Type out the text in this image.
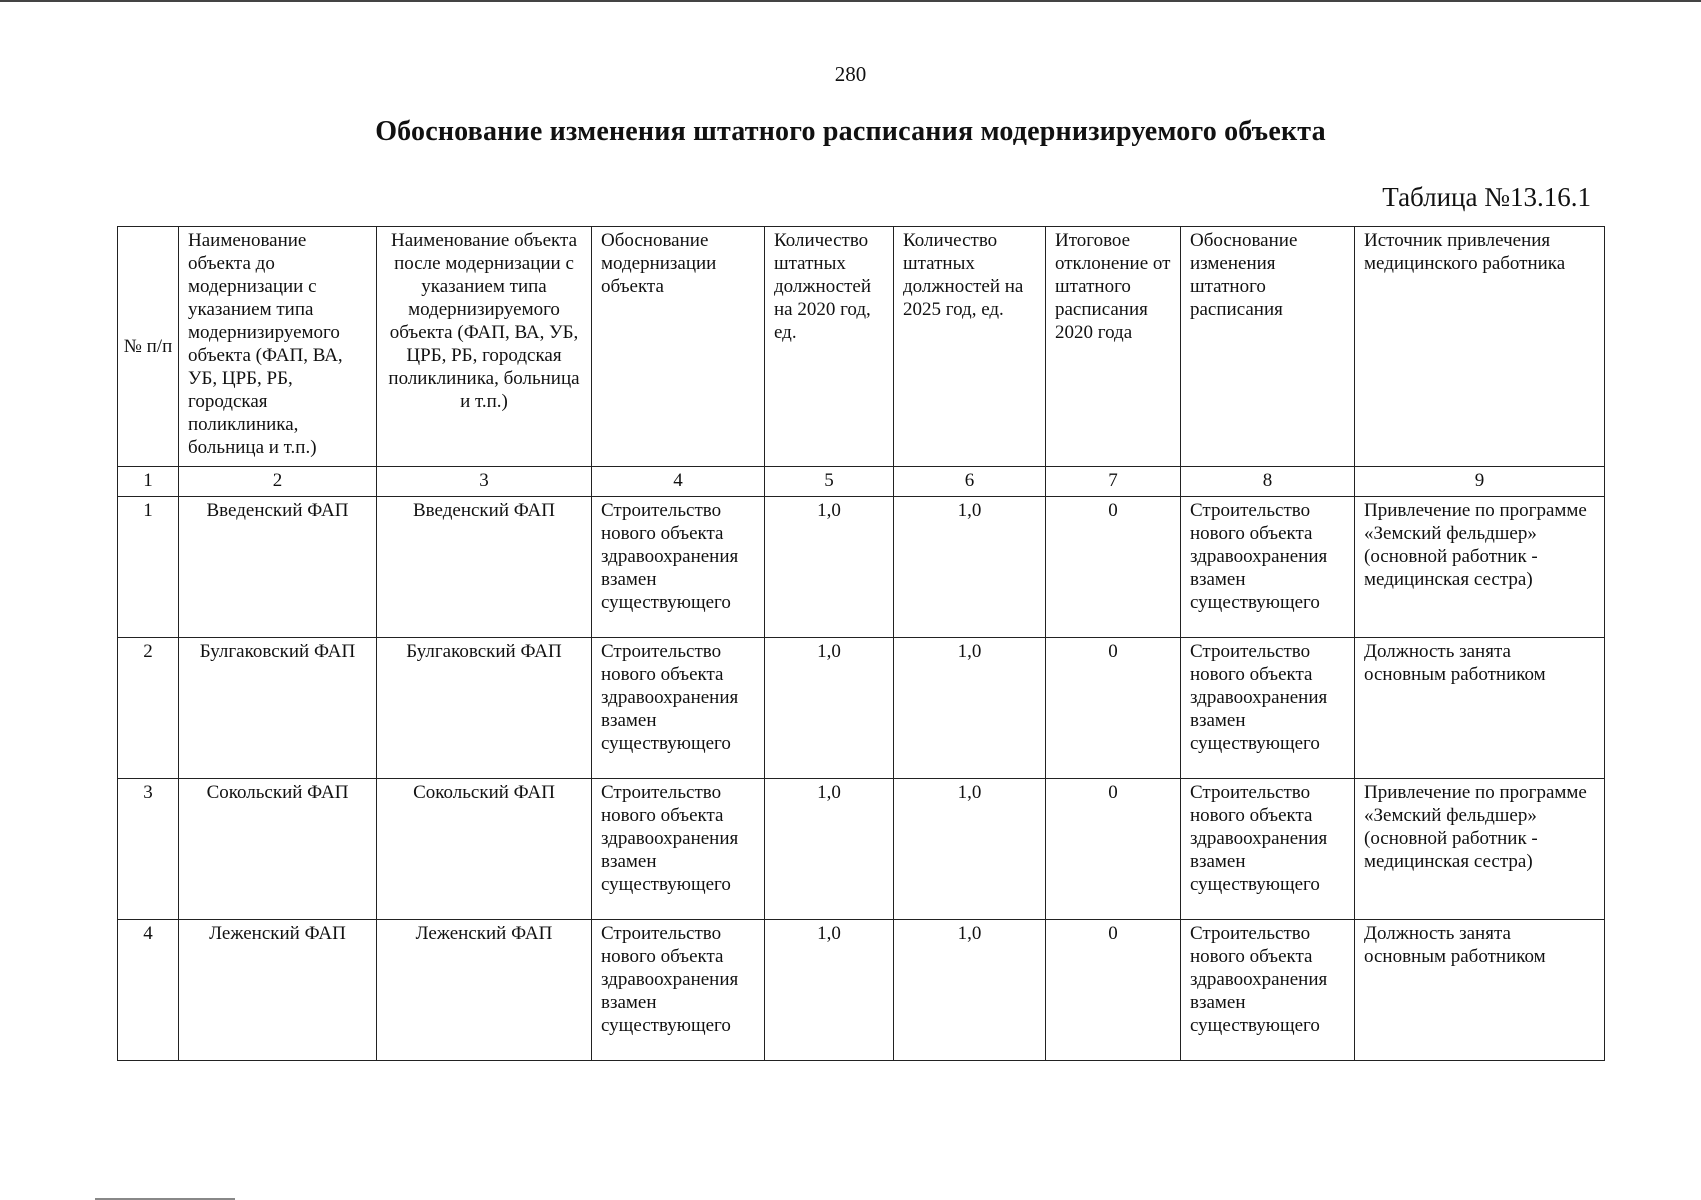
280
Обоснование изменения штатного расписания модернизируемого объекта
Таблица №13.16.1
№ п/п	Наименование объекта до модернизации с указанием типа модернизируемого объекта (ФАП, ВА, УБ, ЦРБ, РБ, городская поликлиника, больница и т.п.)	Наименование объекта после модернизации с указанием типа модернизируемого объекта (ФАП, ВА, УБ, ЦРБ, РБ, городская поликлиника, больница и т.п.)	Обоснование модернизации объекта	Количество штатных должностей на 2020 год, ед.	Количество штатных должностей на 2025 год, ед.	Итоговое отклонение от штатного расписания 2020 года	Обоснование изменения штатного расписания	Источник привлечения медицинского работника
1	2	3	4	5	6	7	8	9
1	Введенский ФАП	Введенский ФАП	Строительство нового объекта здравоохранения взамен существующего	1,0	1,0	0	Строительство нового объекта здравоохранения взамен существующего	Привлечение по программе «Земский фельдшер» (основной работник - медицинская сестра)
2	Булгаковский ФАП	Булгаковский ФАП	Строительство нового объекта здравоохранения взамен существующего	1,0	1,0	0	Строительство нового объекта здравоохранения взамен существующего	Должность занята основным работником
3	Сокольский ФАП	Сокольский ФАП	Строительство нового объекта здравоохранения взамен существующего	1,0	1,0	0	Строительство нового объекта здравоохранения взамен существующего	Привлечение по программе «Земский фельдшер» (основной работник - медицинская сестра)
4	Леженский ФАП	Леженский ФАП	Строительство нового объекта здравоохранения взамен существующего	1,0	1,0	0	Строительство нового объекта здравоохранения взамен существующего	Должность занята основным работником
